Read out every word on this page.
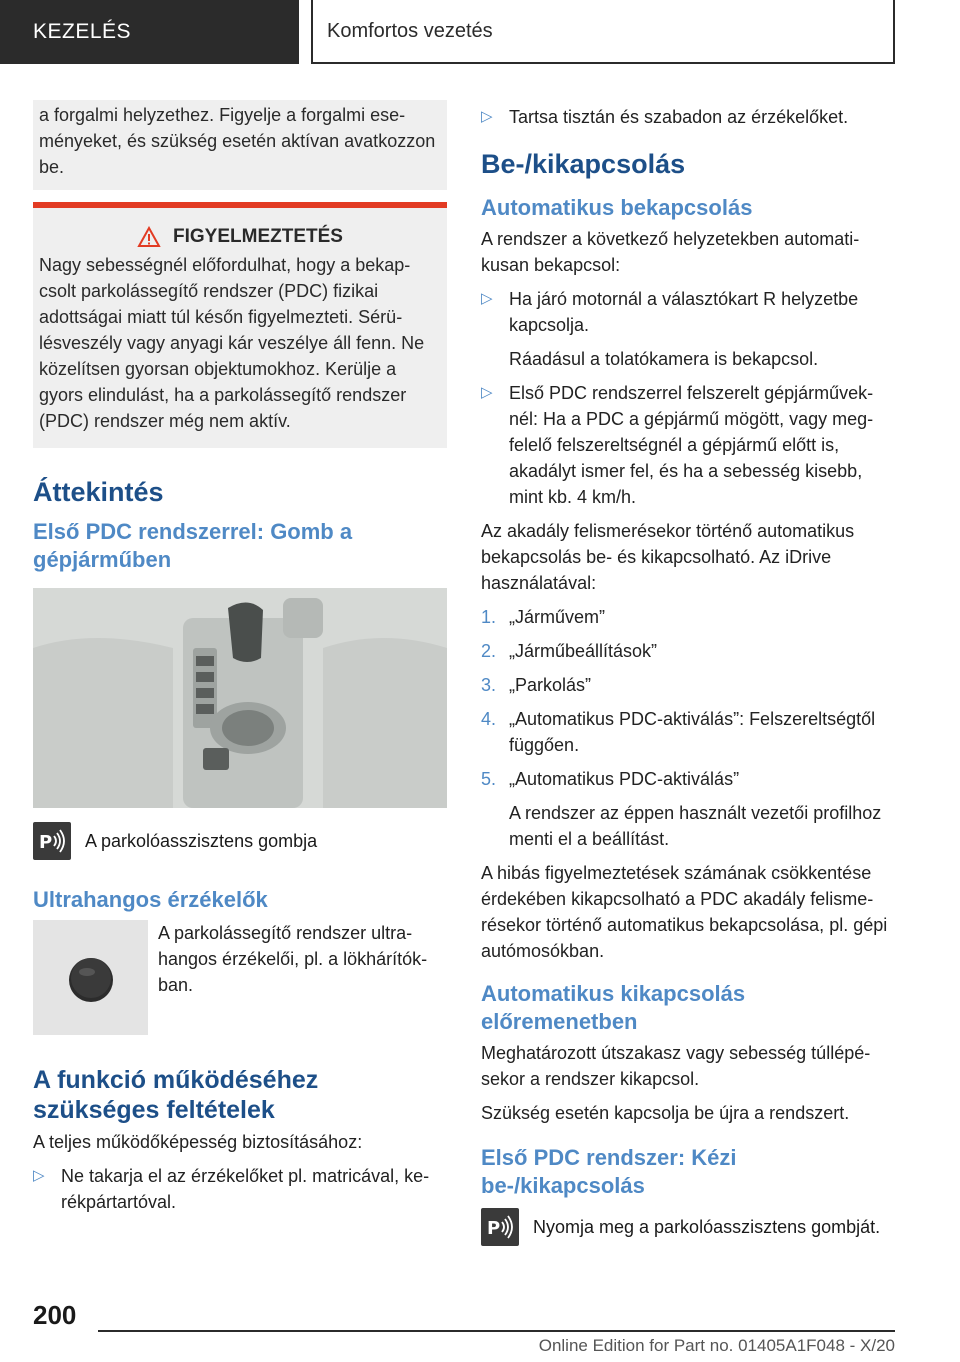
KEZELÉS	Komfortos vezetés
a forgalmi helyzethez. Figyelje a forgalmi eseményeket, és szükség esetén aktívan avatkozzon be.
FIGYELMEZTETÉS
Nagy sebességnél előfordulhat, hogy a bekapcsolt parkolássegítő rendszer (PDC) fizikai adottságai miatt túl későn figyelmezteti. Sérülésveszély vagy anyagi kár veszélye áll fenn. Ne közelítsen gyorsan objektumokhoz. Kerülje a gyors elindulást, ha a parkolássegítő rendszer (PDC) rendszer még nem aktív.
Áttekintés
Első PDC rendszerrel: Gomb a gépjárműben
P A parkolóasszisztens gombja
Ultrahangos érzékelők
A parkolássegítő rendszer ultrahangos érzékelői, pl. a lökhárítókban.
A funkció működéséhez szükséges feltételek

A teljes működőképesség biztosításához:

▷ Ne takarja el az érzékelőket pl. matricával, kerékpártartóval.
▷ Tartsa tisztán és szabadon az érzékelőket.
Be-/kikapcsolás
Automatikus bekapcsolás

A rendszer a következő helyzetekben automatikusan bekapcsol:

▷ Ha járó motornál a választókart R helyzetbe kapcsolja.
Ráadásul a tolatókamera is bekapcsol.
▷ Első PDC rendszerrel felszerelt gépjárműveknél: Ha a PDC a gépjármű mögött, vagy megfelelő felszereltségnél a gépjármű előtt is, akadályt ismer fel, és ha a sebesség kisebb, mint kb. 4 km/h.

Az akadály felismerésekor történő automatikus bekapcsolás be- és kikapcsolható. Az iDrive használatával:

1. „Járművem”
2. „Járműbeállítások”
3. „Parkolás”
4. „Automatikus PDC-aktiválás”: Felszereltségtől függően.
5. „Automatikus PDC-aktiválás”
A rendszer az éppen használt vezetői profilhoz menti el a beállítást.

A hibás figyelmeztetések számának csökkentése érdekében kikapcsolható a PDC akadály felismerésekor történő automatikus bekapcsolása, pl. gépi autómosókban.

Automatikus kikapcsolás előremenetben

Meghatározott útszakasz vagy sebesség túllépésekor a rendszer kikapcsol.

Szükség esetén kapcsolja be újra a rendszert.

Első PDC rendszer: Kézi be-/kikapcsolás
P Nyomja meg a parkolóasszisztens gombját.
200
Online Edition for Part no. 01405A1F048 - X/20
